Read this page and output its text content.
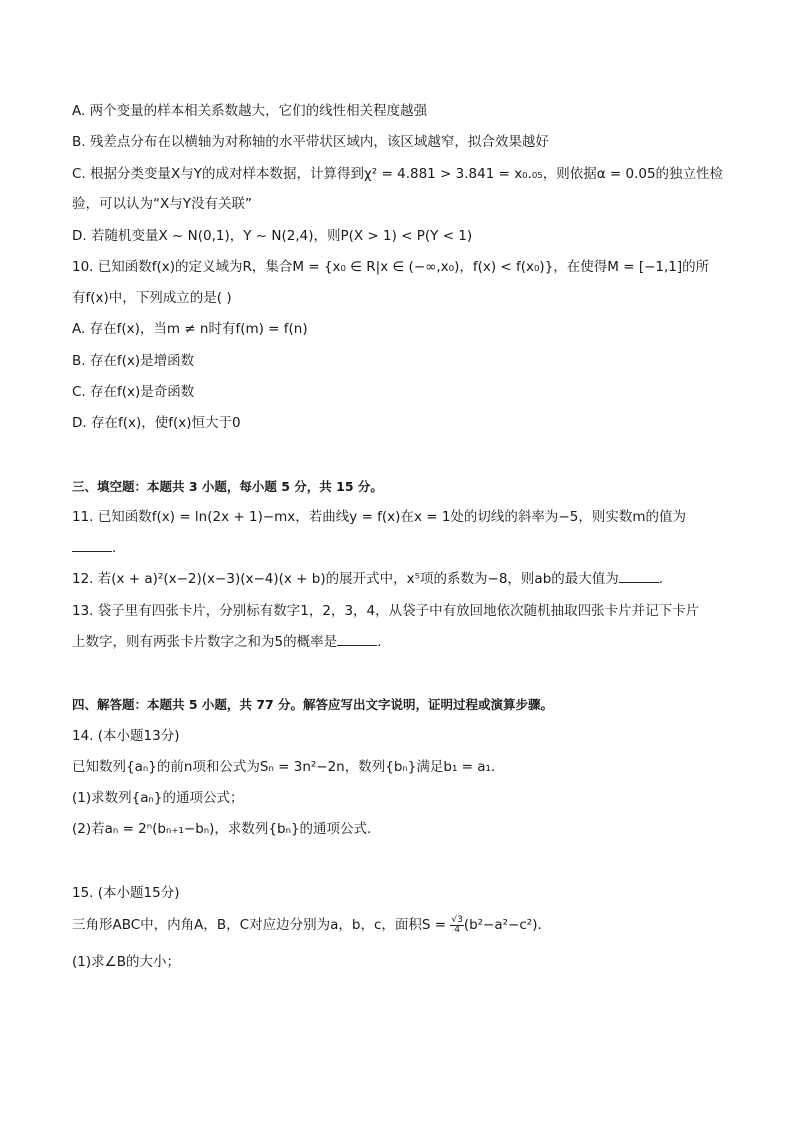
A. 两个变量的样本相关系数越大，它们的线性相关程度越强

B. 残差点分布在以横轴为对称轴的水平带状区域内，该区域越窄，拟合效果越好

C. 根据分类变量X与Y的成对样本数据，计算得到χ² = 4.881 > 3.841 = x₀.₀₅，则依据α = 0.05的独立性检

验，可以认为“X与Y没有关联”

D. 若随机变量X ~ N(0,1)，Y ~ N(2,4)，则P(X > 1) < P(Y < 1)

10. 已知函数f(x)的定义域为R，集合M = {x₀ ∈ R|x ∈ (−∞,x₀)，f(x) < f(x₀)}，在使得M = [−1,1]的所

有f(x)中，下列成立的是( )

A. 存在f(x)，当m ≠ n时有f(m) = f(n)

B. 存在f(x)是增函数

C. 存在f(x)是奇函数

D. 存在f(x)，使f(x)恒大于0

三、填空题：本题共 3 小题，每小题 5 分，共 15 分。

11. 已知函数f(x) = ln(2x + 1)−mx，若曲线y = f(x)在x = 1处的切线的斜率为−5，则实数m的值为

.

12. 若(x + a)²(x−2)(x−3)(x−4)(x + b)的展开式中，x⁵项的系数为−8，则ab的最大值为	.

13. 袋子里有四张卡片，分别标有数字1，2，3，4，从袋子中有放回地依次随机抽取四张卡片并记下卡片

上数字，则有两张卡片数字之和为5的概率是	.

四、解答题：本题共 5 小题，共 77 分。解答应写出文字说明，证明过程或演算步骤。

14. (本小题13分)

已知数列{aₙ}的前n项和公式为Sₙ = 3n²−2n，数列{bₙ}满足b₁ = a₁.

(1)求数列{aₙ}的通项公式；

(2)若aₙ = 2ⁿ(bₙ₊₁−bₙ)，求数列{bₙ}的通项公式.

15. (本小题15分)

三角形ABC中，内角A，B，C对应边分别为a，b，c，面积$S = \frac{√3}{4} (b^2-a^2-c^2)$.

(1)求∠B的大小；
